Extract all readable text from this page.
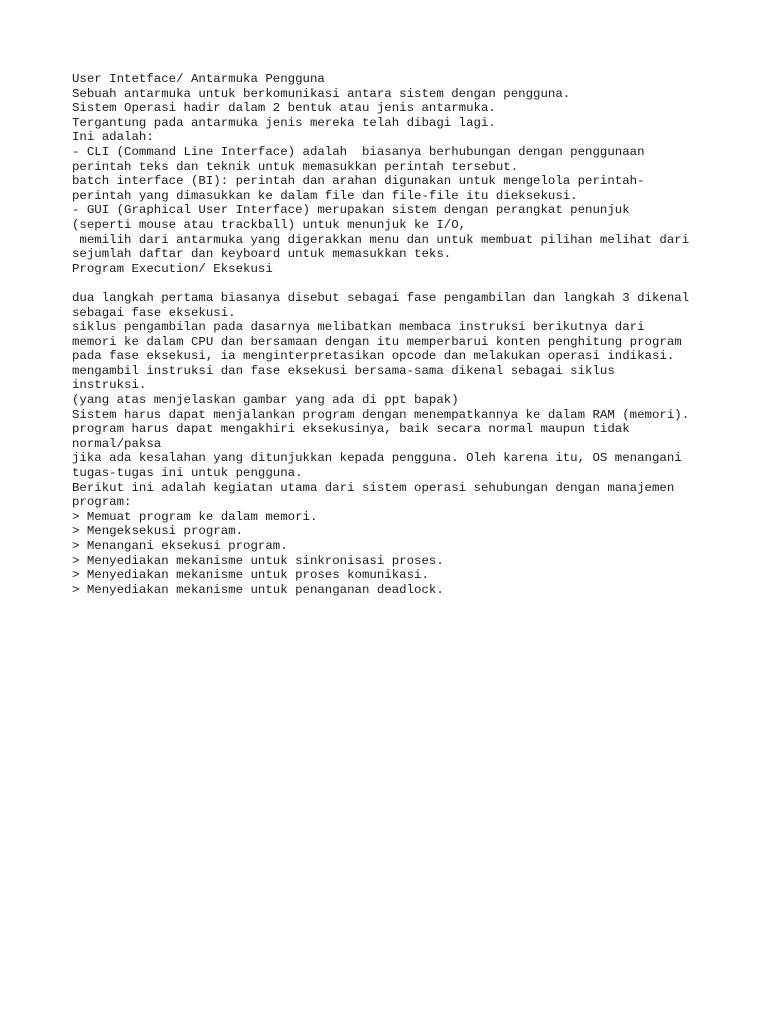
User Intetface/ Antarmuka Pengguna
Sebuah antarmuka untuk berkomunikasi antara sistem dengan pengguna.
Sistem Operasi hadir dalam 2 bentuk atau jenis antarmuka.
Tergantung pada antarmuka jenis mereka telah dibagi lagi.
Ini adalah:
- CLI (Command Line Interface) adalah  biasanya berhubungan dengan penggunaan
perintah teks dan teknik untuk memasukkan perintah tersebut.
batch interface (BI): perintah dan arahan digunakan untuk mengelola perintah-
perintah yang dimasukkan ke dalam file dan file-file itu dieksekusi.
- GUI (Graphical User Interface) merupakan sistem dengan perangkat penunjuk
(seperti mouse atau trackball) untuk menunjuk ke I/O,
memilih dari antarmuka yang digerakkan menu dan untuk membuat pilihan melihat dari
sejumlah daftar dan keyboard untuk memasukkan teks.
Program Execution/ Eksekusi
dua langkah pertama biasanya disebut sebagai fase pengambilan dan langkah 3 dikenal
sebagai fase eksekusi.
siklus pengambilan pada dasarnya melibatkan membaca instruksi berikutnya dari
memori ke dalam CPU dan bersamaan dengan itu memperbarui konten penghitung program
pada fase eksekusi, ia menginterpretasikan opcode dan melakukan operasi indikasi.
mengambil instruksi dan fase eksekusi bersama-sama dikenal sebagai siklus
instruksi.
(yang atas menjelaskan gambar yang ada di ppt bapak)
Sistem harus dapat menjalankan program dengan menempatkannya ke dalam RAM (memori).
program harus dapat mengakhiri eksekusinya, baik secara normal maupun tidak
normal/paksa
jika ada kesalahan yang ditunjukkan kepada pengguna. Oleh karena itu, OS menangani
tugas-tugas ini untuk pengguna.
Berikut ini adalah kegiatan utama dari sistem operasi sehubungan dengan manajemen
program:
> Memuat program ke dalam memori.
> Mengeksekusi program.
> Menangani eksekusi program.
> Menyediakan mekanisme untuk sinkronisasi proses.
> Menyediakan mekanisme untuk proses komunikasi.
> Menyediakan mekanisme untuk penanganan deadlock.
